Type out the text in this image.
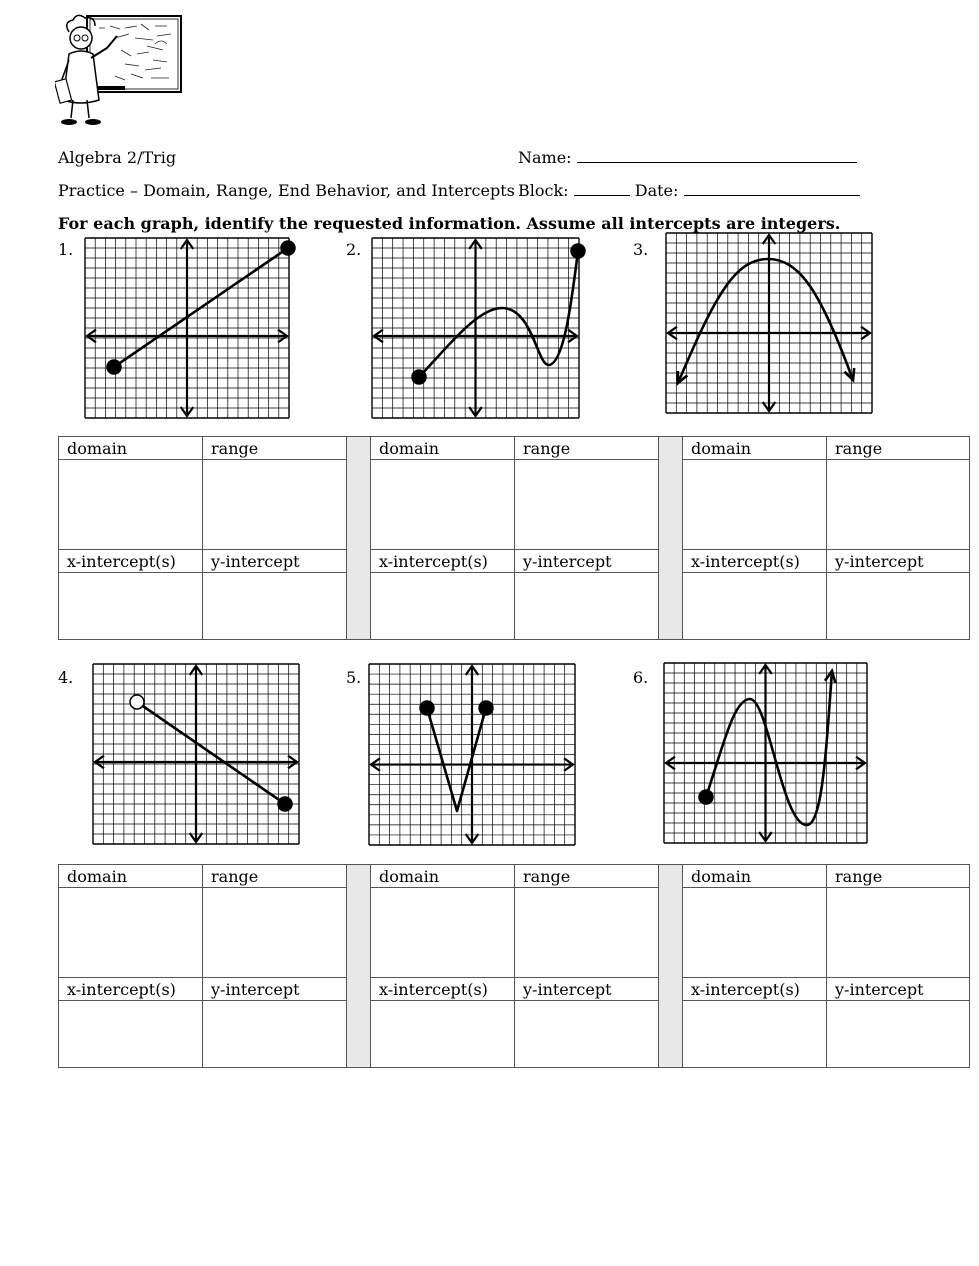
Algebra 2/Trig	Name:
Practice – Domain, Range, End Behavior, and Intercepts Block:	Date:
For each graph, identify the requested information. Assume all intercepts are integers.
1.	2.	3.
4.	5.	6.
domain	range		domain	range		domain	range

x-intercept(s)	y-intercept		x-intercept(s)	y-intercept		x-intercept(s)	y-intercept

domain	range		domain	range		domain	range

x-intercept(s)	y-intercept		x-intercept(s)	y-intercept		x-intercept(s)	y-intercept
